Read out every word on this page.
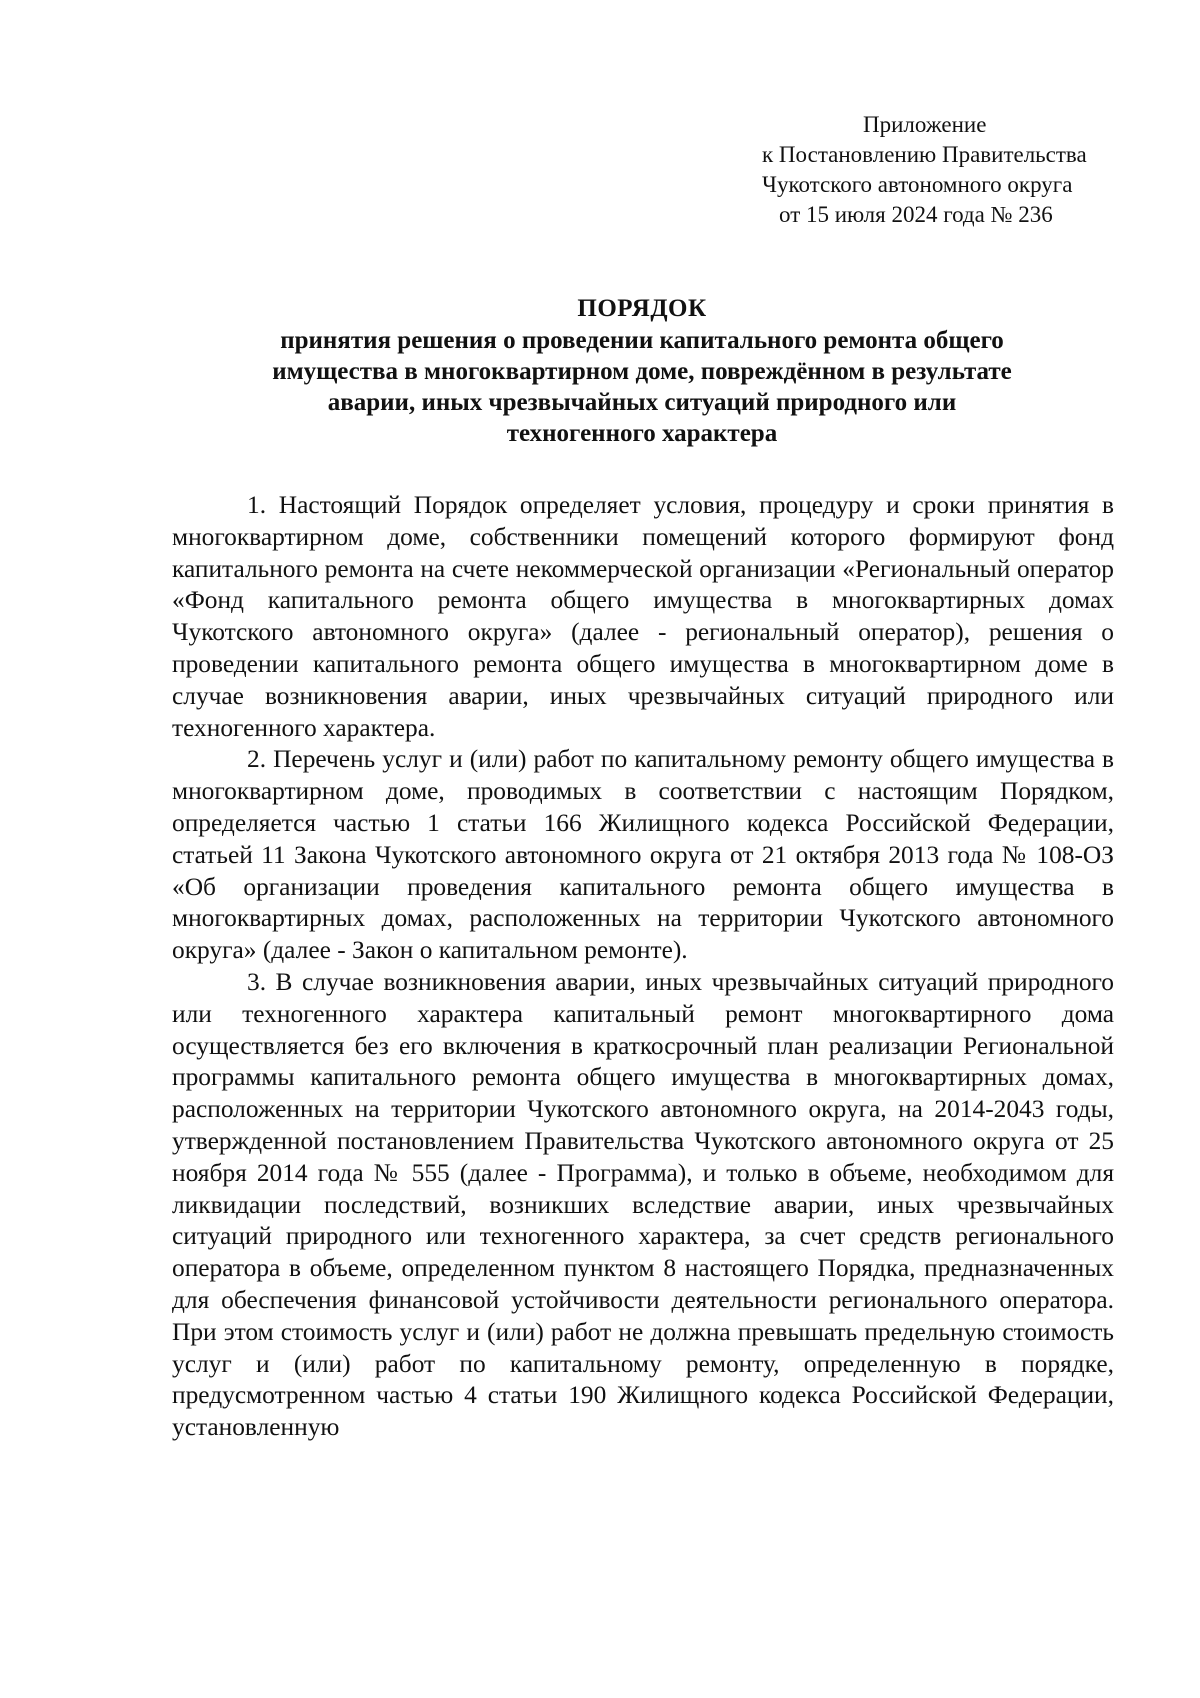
Приложение
к Постановлению Правительства
Чукотского автономного округа
от 15 июля 2024 года № 236
ПОРЯДОК
принятия решения о проведении капитального ремонта общего
имущества в многоквартирном доме, повреждённом в результате
аварии, иных чрезвычайных ситуаций природного или
техногенного характера

1. Настоящий Порядок определяет условия, процедуру и сроки принятия в многоквартирном доме, собственники помещений которого формируют фонд капитального ремонта на счете некоммерческой организации «Региональный оператор «Фонд капитального ремонта общего имущества в многоквартирных домах Чукотского автономного округа» (далее - региональный оператор), решения о проведении капитального ремонта общего имущества в многоквартирном доме в случае возникновения аварии, иных чрезвычайных ситуаций природного или техногенного характера.

2. Перечень услуг и (или) работ по капитальному ремонту общего имущества в многоквартирном доме, проводимых в соответствии с настоящим Порядком, определяется частью 1 статьи 166 Жилищного кодекса Российской Федерации, статьей 11 Закона Чукотского автономного округа от 21 октября 2013 года № 108-ОЗ «Об организации проведения капитального ремонта общего имущества в многоквартирных домах, расположенных на территории Чукотского автономного округа» (далее - Закон о капитальном ремонте).

3. В случае возникновения аварии, иных чрезвычайных ситуаций природного или техногенного характера капитальный ремонт многоквартирного дома осуществляется без его включения в краткосрочный план реализации Региональной программы капитального ремонта общего имущества в многоквартирных домах, расположенных на территории Чукотского автономного округа, на 2014-2043 годы, утвержденной постановлением Правительства Чукотского автономного округа от 25 ноября 2014 года № 555 (далее - Программа), и только в объеме, необходимом для ликвидации последствий, возникших вследствие аварии, иных чрезвычайных ситуаций природного или техногенного характера, за счет средств регионального оператора в объеме, определенном пунктом 8 настоящего Порядка, предназначенных для обеспечения финансовой устойчивости деятельности регионального оператора. При этом стоимость услуг и (или) работ не должна превышать предельную стоимость услуг и (или) работ по капитальному ремонту, определенную в порядке, предусмотренном частью 4 статьи 190 Жилищного кодекса Российской Федерации, установленную
